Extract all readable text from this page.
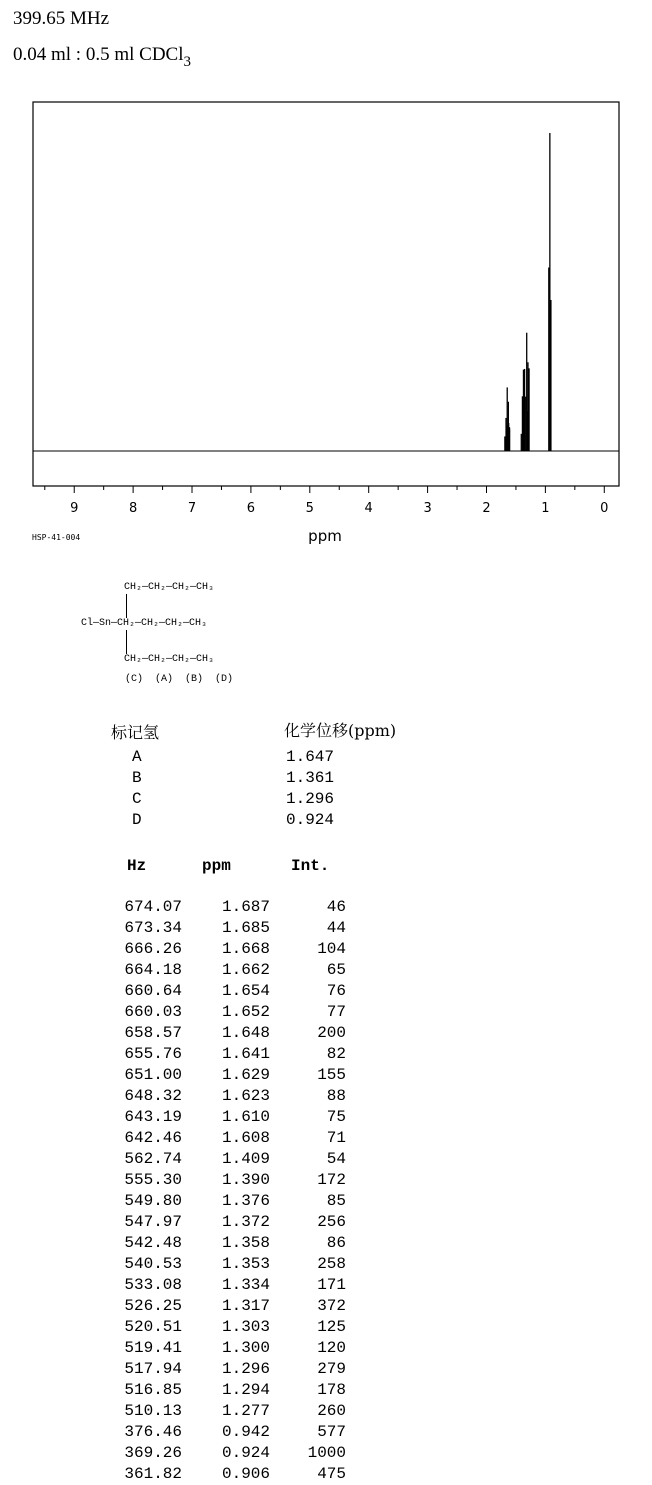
399.65 MHz
0.04 ml : 0.5 ml CDCl$_3$
9	8	7	6	5	4	3	2	1	0
ppm
HSP-41-004
CH₂—CH₂—CH₂—CH₃
Cl—Sn—CH₂—CH₂—CH₂—CH₃
CH₂—CH₂—CH₂—CH₃
(C)  (A)  (B)  (D)
标记氢	化学位移(ppm)
A	1.647
B	1.361
C	1.296
D	0.924
Hz	ppm	Int.
674.07	1.687	46
673.34	1.685	44
666.26	1.668	104
664.18	1.662	65
660.64	1.654	76
660.03	1.652	77
658.57	1.648	200
655.76	1.641	82
651.00	1.629	155
648.32	1.623	88
643.19	1.610	75
642.46	1.608	71
562.74	1.409	54
555.30	1.390	172
549.80	1.376	85
547.97	1.372	256
542.48	1.358	86
540.53	1.353	258
533.08	1.334	171
526.25	1.317	372
520.51	1.303	125
519.41	1.300	120
517.94	1.296	279
516.85	1.294	178
510.13	1.277	260
376.46	0.942	577
369.26	0.924	1000
361.82	0.906	475
